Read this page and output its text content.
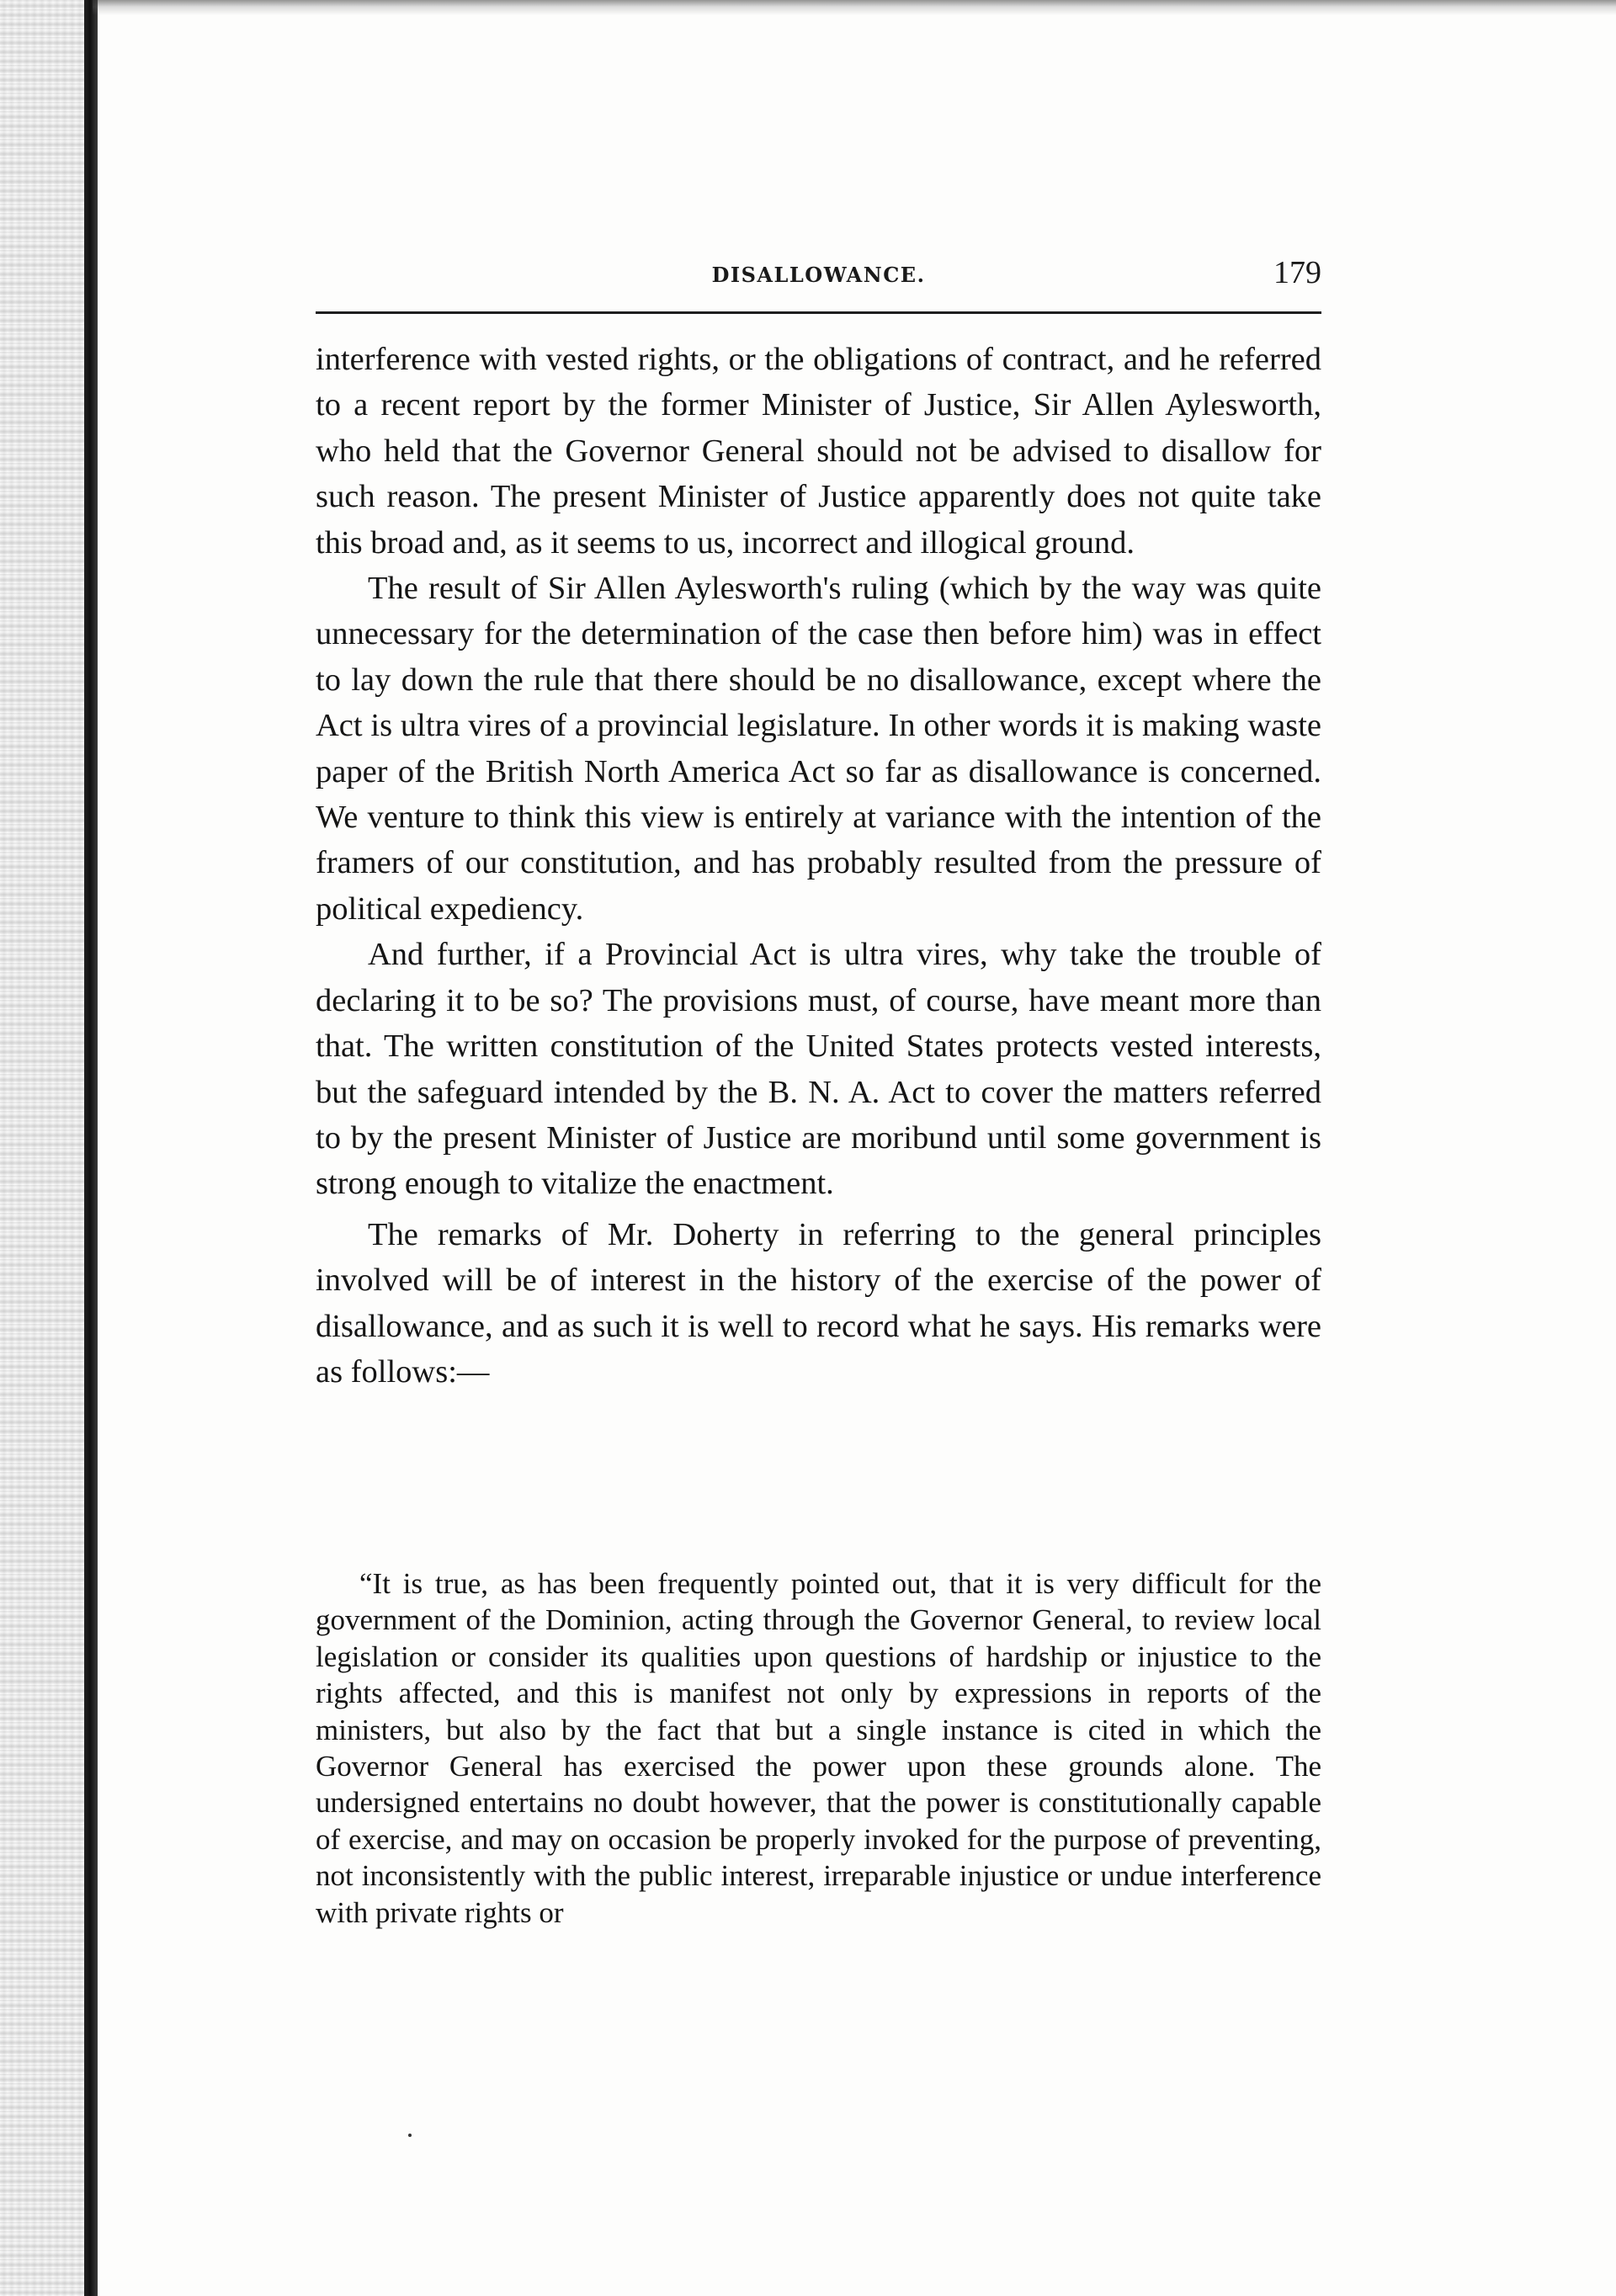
DISALLOWANCE.	179

interference with vested rights, or the obligations of contract, and he referred to a recent report by the former Minister of Justice, Sir Allen Aylesworth, who held that the Governor General should not be advised to disallow for such reason. The present Minister of Justice apparently does not quite take this broad and, as it seems to us, incorrect and illogical ground.

The result of Sir Allen Aylesworth's ruling (which by the way was quite unnecessary for the determination of the case then before him) was in effect to lay down the rule that there should be no disallowance, except where the Act is ultra vires of a provincial legislature. In other words it is making waste paper of the British North America Act so far as disallowance is concerned. We venture to think this view is entirely at variance with the intention of the framers of our constitution, and has probably resulted from the pressure of political expediency.

And further, if a Provincial Act is ultra vires, why take the trouble of declaring it to be so? The provisions must, of course, have meant more than that. The written constitution of the United States protects vested interests, but the safeguard intended by the B. N. A. Act to cover the matters referred to by the present Minister of Justice are moribund until some government is strong enough to vitalize the enactment.

The remarks of Mr. Doherty in referring to the general principles involved will be of interest in the history of the exercise of the power of disallowance, and as such it is well to record what he says. His remarks were as follows:—

“It is true, as has been frequently pointed out, that it is very difficult for the government of the Dominion, acting through the Governor General, to review local legislation or consider its qualities upon questions of hardship or injustice to the rights affected, and this is manifest not only by expressions in reports of the ministers, but also by the fact that but a single instance is cited in which the Governor General has exercised the power upon these grounds alone. The undersigned entertains no doubt however, that the power is constitutionally capable of exercise, and may on occasion be properly invoked for the purpose of preventing, not inconsistently with the public interest, irreparable injustice or undue interference with private rights or
